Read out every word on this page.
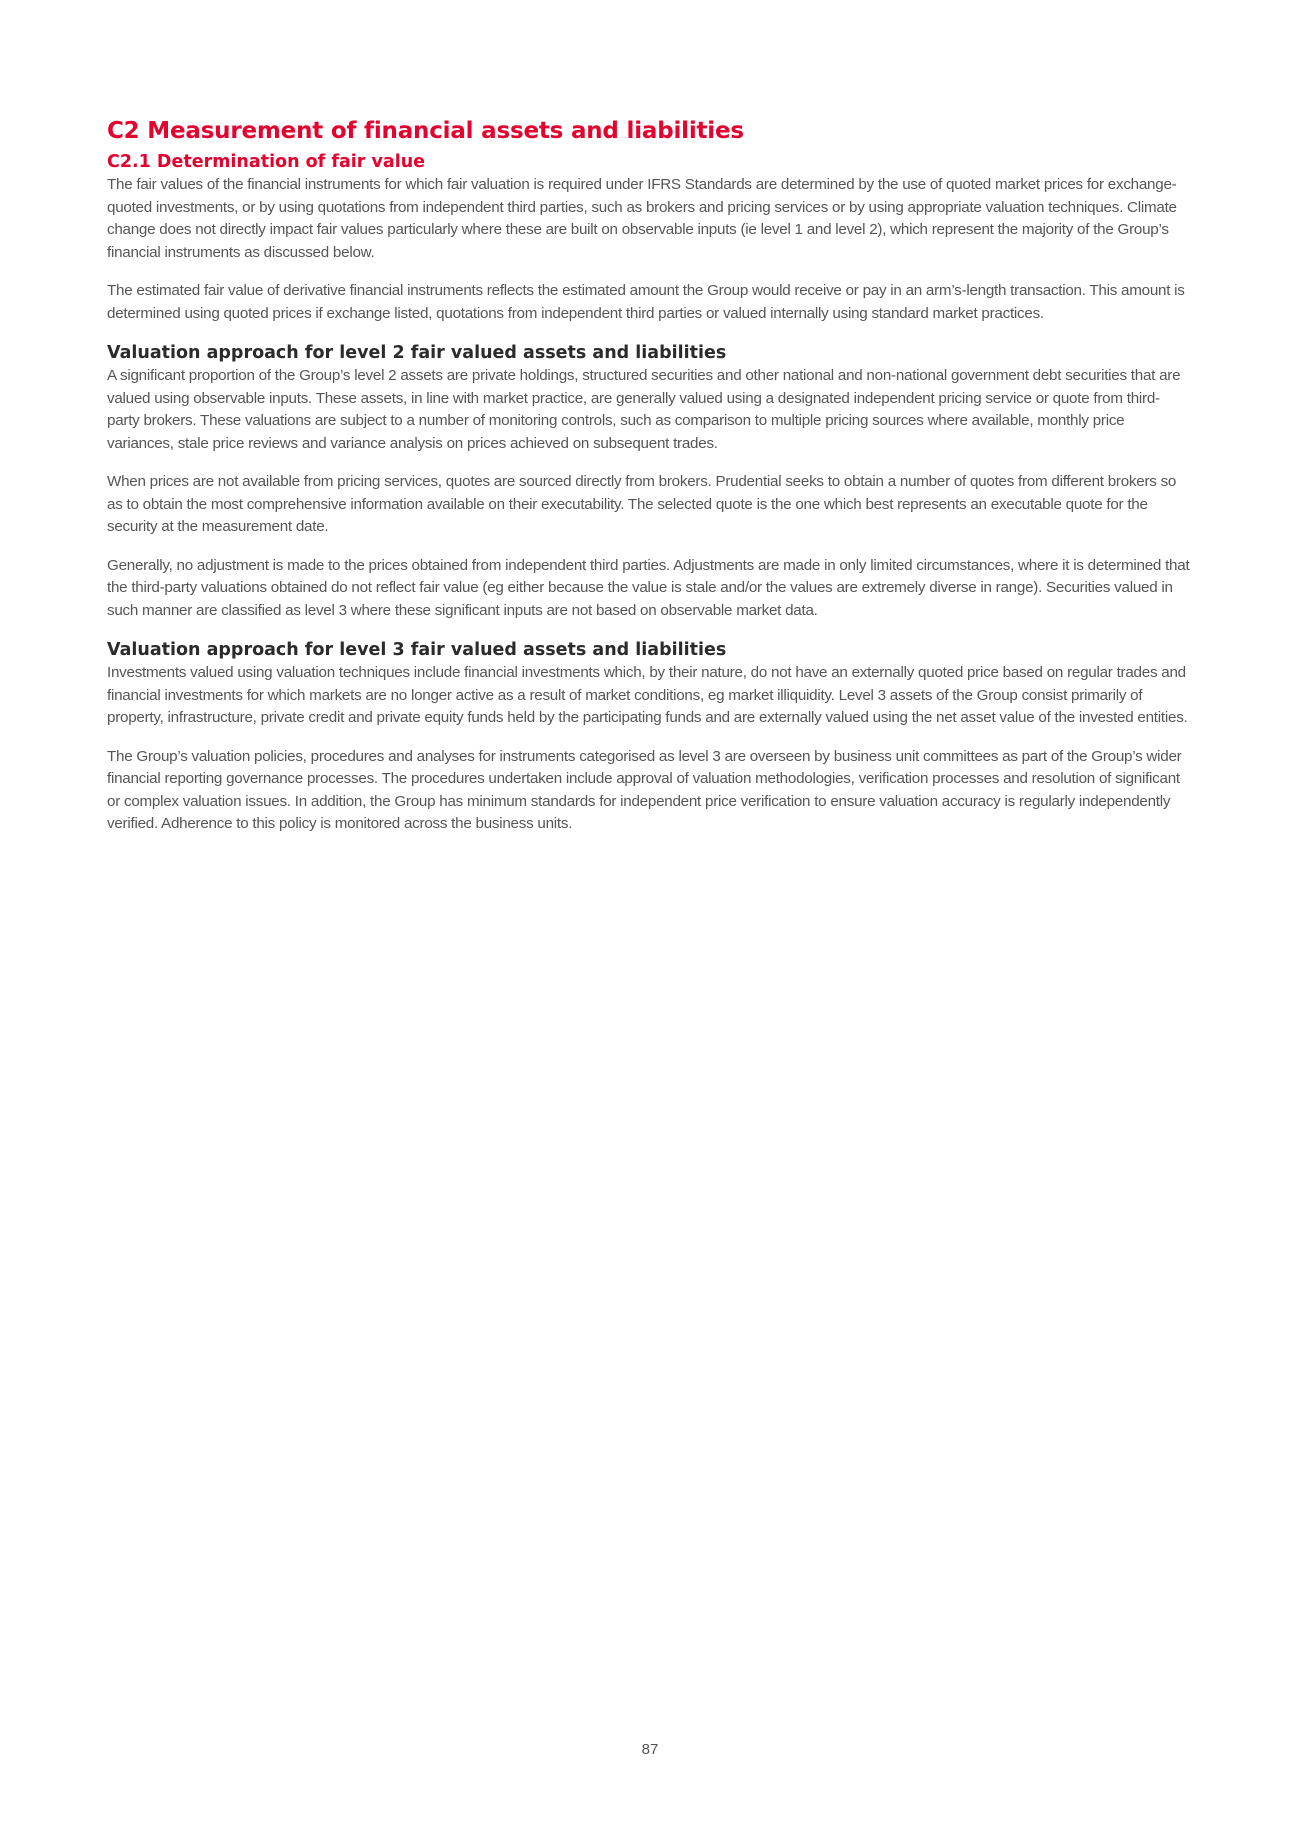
C2 Measurement of financial assets and liabilities
C2.1 Determination of fair value

The fair values of the financial instruments for which fair valuation is required under IFRS Standards are determined by the use of quoted market prices for exchange-quoted investments, or by using quotations from independent third parties, such as brokers and pricing services or by using appropriate valuation techniques. Climate change does not directly impact fair values particularly where these are built on observable inputs (ie level 1 and level 2), which represent the majority of the Group’s financial instruments as discussed below.

The estimated fair value of derivative financial instruments reflects the estimated amount the Group would receive or pay in an arm’s-length transaction. This amount is determined using quoted prices if exchange listed, quotations from independent third parties or valued internally using standard market practices.

Valuation approach for level 2 fair valued assets and liabilities

A significant proportion of the Group’s level 2 assets are private holdings, structured securities and other national and non-national government debt securities that are valued using observable inputs. These assets, in line with market practice, are generally valued using a designated independent pricing service or quote from third-party brokers. These valuations are subject to a number of monitoring controls, such as comparison to multiple pricing sources where available, monthly price variances, stale price reviews and variance analysis on prices achieved on subsequent trades.

When prices are not available from pricing services, quotes are sourced directly from brokers. Prudential seeks to obtain a number of quotes from different brokers so as to obtain the most comprehensive information available on their executability. The selected quote is the one which best represents an executable quote for the security at the measurement date.

Generally, no adjustment is made to the prices obtained from independent third parties. Adjustments are made in only limited circumstances, where it is determined that the third-party valuations obtained do not reflect fair value (eg either because the value is stale and/or the values are extremely diverse in range). Securities valued in such manner are classified as level 3 where these significant inputs are not based on observable market data.

Valuation approach for level 3 fair valued assets and liabilities

Investments valued using valuation techniques include financial investments which, by their nature, do not have an externally quoted price based on regular trades and financial investments for which markets are no longer active as a result of market conditions, eg market illiquidity. Level 3 assets of the Group consist primarily of property, infrastructure, private credit and private equity funds held by the participating funds and are externally valued using the net asset value of the invested entities.

The Group’s valuation policies, procedures and analyses for instruments categorised as level 3 are overseen by business unit committees as part of the Group’s wider financial reporting governance processes. The procedures undertaken include approval of valuation methodologies, verification processes and resolution of significant or complex valuation issues. In addition, the Group has minimum standards for independent price verification to ensure valuation accuracy is regularly independently verified. Adherence to this policy is monitored across the business units.

87
